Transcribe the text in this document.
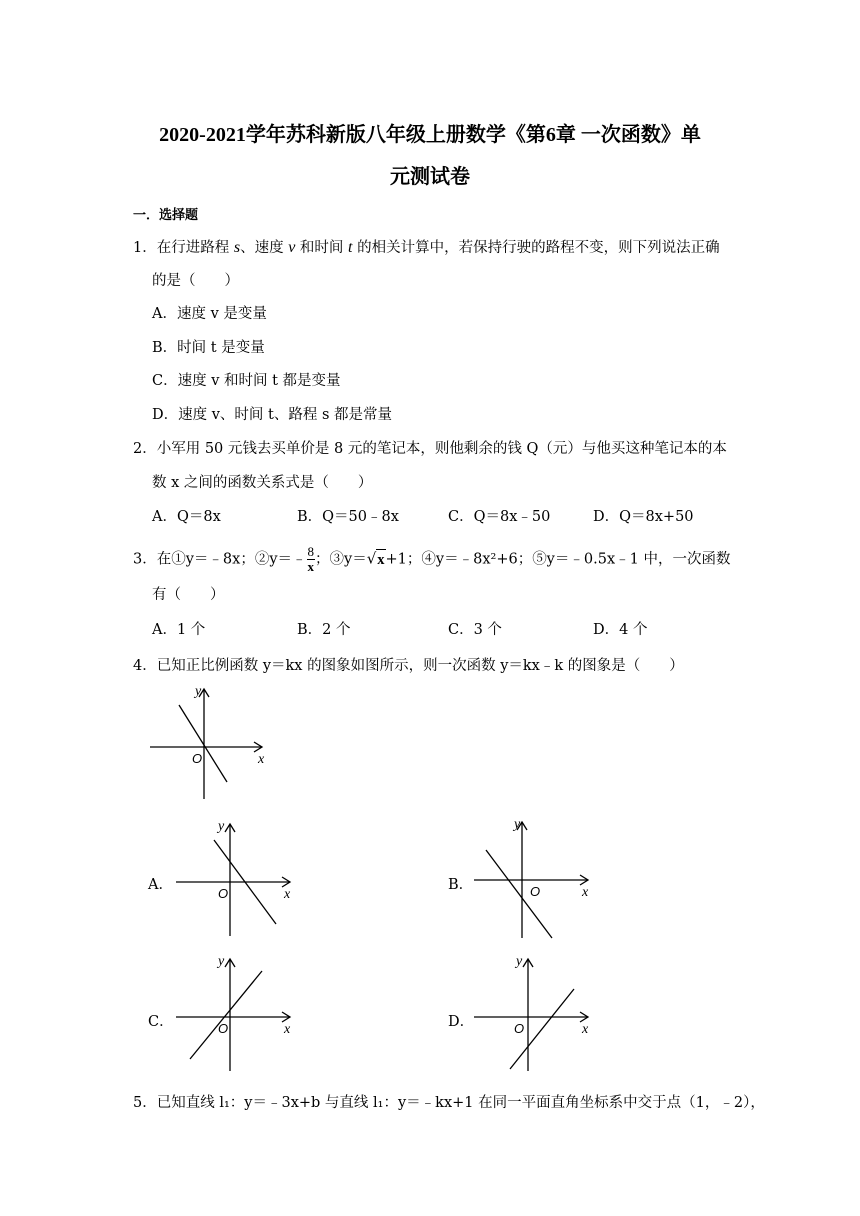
2020-2021学年苏科新版八年级上册数学《第6章 一次函数》单
元测试卷
一．选择题
1．在行进路程 s、速度 v 和时间 t 的相关计算中，若保持行驶的路程不变，则下列说法正确
的是（　　）
A．速度 v 是变量
B．时间 t 是变量
C．速度 v 和时间 t 都是变量
D．速度 v、时间 t、路程 s 都是常量
2．小军用 50 元钱去买单价是 8 元的笔记本，则他剩余的钱 Q（元）与他买这种笔记本的本
数 x 之间的函数关系式是（　　）
A．Q＝8x	B．Q＝50﹣8x	C．Q＝8x﹣50	D．Q＝8x+50
3．在①y＝﹣8x；②y＝﹣ $\frac{8}{x}$ ；③y＝√x+1；④y＝﹣8x²+6；⑤y＝﹣0.5x﹣1 中，一次函数
有（　　）
A．1 个	B．2 个	C．3 个	D．4 个
4．已知正比例函数 y＝kx 的图象如图所示，则一次函数 y＝kx﹣k 的图象是（　　）
y
x
O
A．
y
x
O
B．
y
x
O
C．
y
x
O	D．
y
x
O
5．已知直线 l₁：y＝﹣3x+b 与直线 l₁：y＝﹣kx+1 在同一平面直角坐标系中交于点（1，﹣2），
